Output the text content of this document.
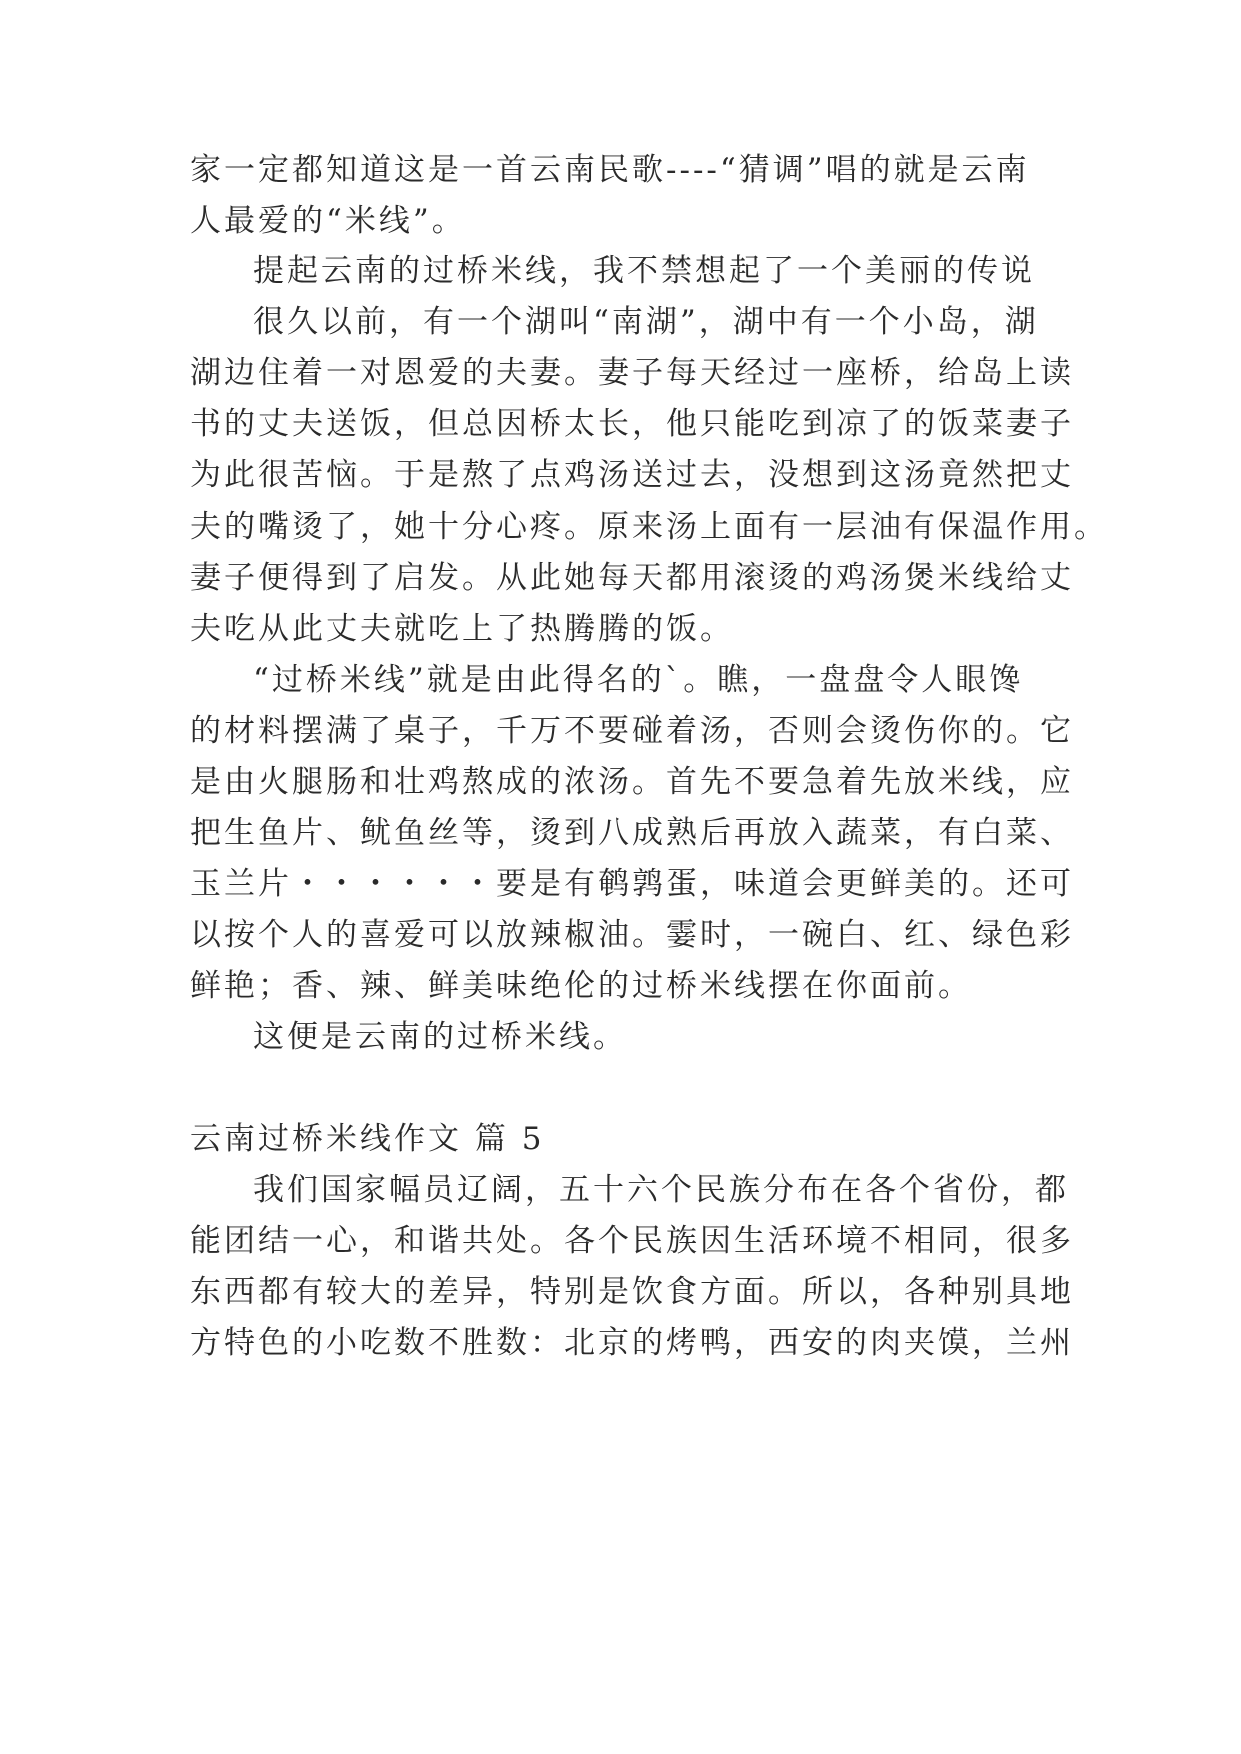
家一定都知道这是一首云南民歌----“猜调”唱的就是云南
人最爱的“米线”。
提起云南的过桥米线，我不禁想起了一个美丽的传说
很久以前，有一个湖叫“南湖”，湖中有一个小岛，湖
湖边住着一对恩爱的夫妻。妻子每天经过一座桥，给岛上读
书的丈夫送饭，但总因桥太长，他只能吃到凉了的饭菜妻子
为此很苦恼。于是熬了点鸡汤送过去，没想到这汤竟然把丈
夫的嘴烫了，她十分心疼。原来汤上面有一层油有保温作用。
妻子便得到了启发。从此她每天都用滚烫的鸡汤煲米线给丈
夫吃从此丈夫就吃上了热腾腾的饭。
“过桥米线”就是由此得名的`。瞧，一盘盘令人眼馋
的材料摆满了桌子，千万不要碰着汤，否则会烫伤你的。它
是由火腿肠和壮鸡熬成的浓汤。首先不要急着先放米线，应
把生鱼片、鱿鱼丝等，烫到八成熟后再放入蔬菜，有白菜、
玉兰片・・・・・・要是有鹌鹑蛋，味道会更鲜美的。还可
以按个人的喜爱可以放辣椒油。霎时，一碗白、红、绿色彩
鲜艳；香、辣、鲜美味绝伦的过桥米线摆在你面前。
这便是云南的过桥米线。
云南过桥米线作文 篇 5
我们国家幅员辽阔，五十六个民族分布在各个省份，都
能团结一心，和谐共处。各个民族因生活环境不相同，很多
东西都有较大的差异，特别是饮食方面。所以，各种别具地
方特色的小吃数不胜数：北京的烤鸭，西安的肉夹馍，兰州
